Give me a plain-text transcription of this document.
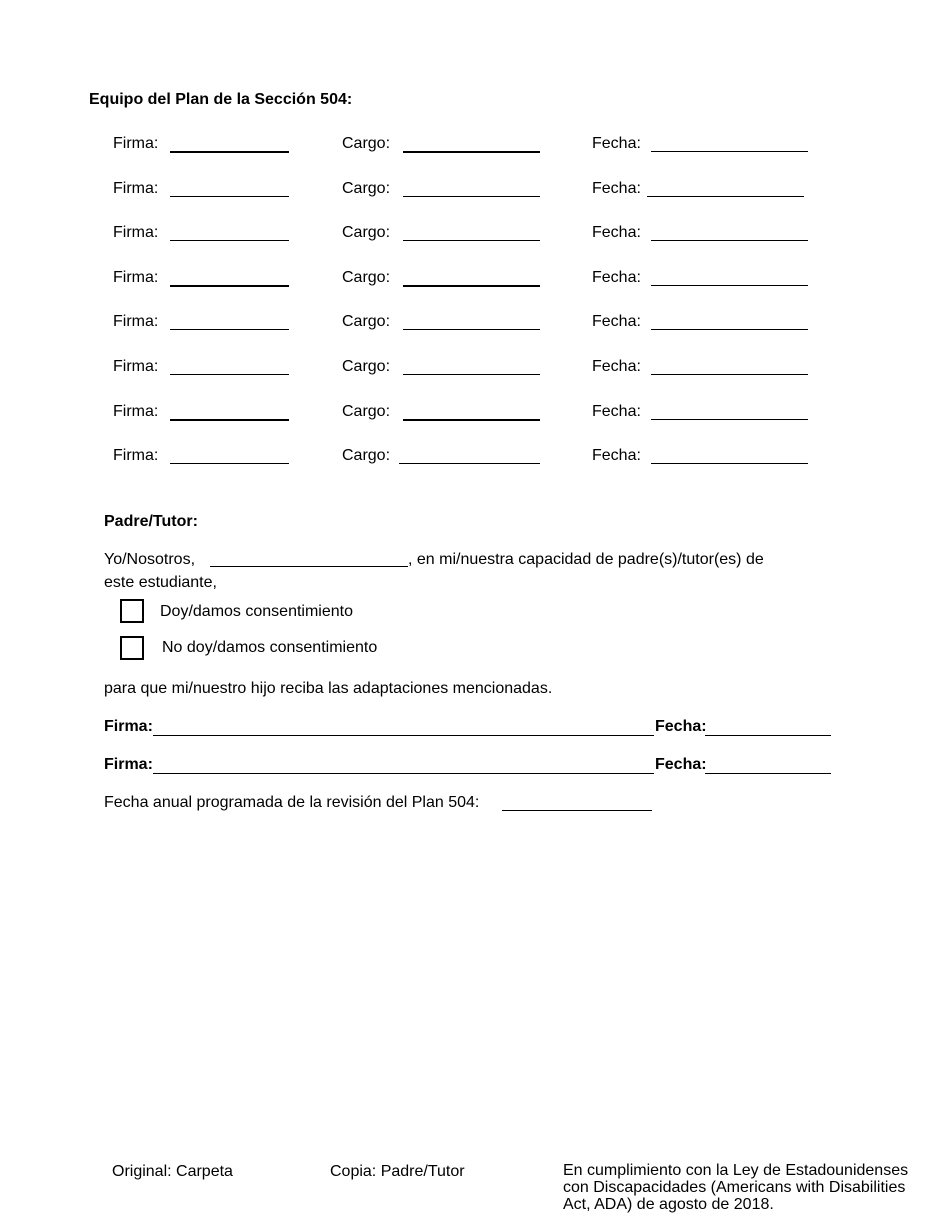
Equipo del Plan de la Sección 504:
Firma:	Cargo:	Fecha:
Firma:	Cargo:	Fecha:
Firma:	Cargo:	Fecha:
Firma:	Cargo:	Fecha:
Firma:	Cargo:	Fecha:
Firma:	Cargo:	Fecha:
Firma:	Cargo:	Fecha:
Firma:	Cargo:	Fecha:
Padre/Tutor:
Yo/Nosotros,	, en mi/nuestra capacidad de padre(s)/tutor(es) de
este estudiante,
Doy/damos consentimiento
No doy/damos consentimiento
para que mi/nuestro hijo reciba las adaptaciones mencionadas.
Firma:	Fecha:
Firma:	Fecha:
Fecha anual programada de la revisión del Plan 504:
Original: Carpeta	Copia: Padre/Tutor	En cumplimiento con la Ley de Estadounidenses con Discapacidades (Americans with Disabilities Act, ADA) de agosto de 2018.
